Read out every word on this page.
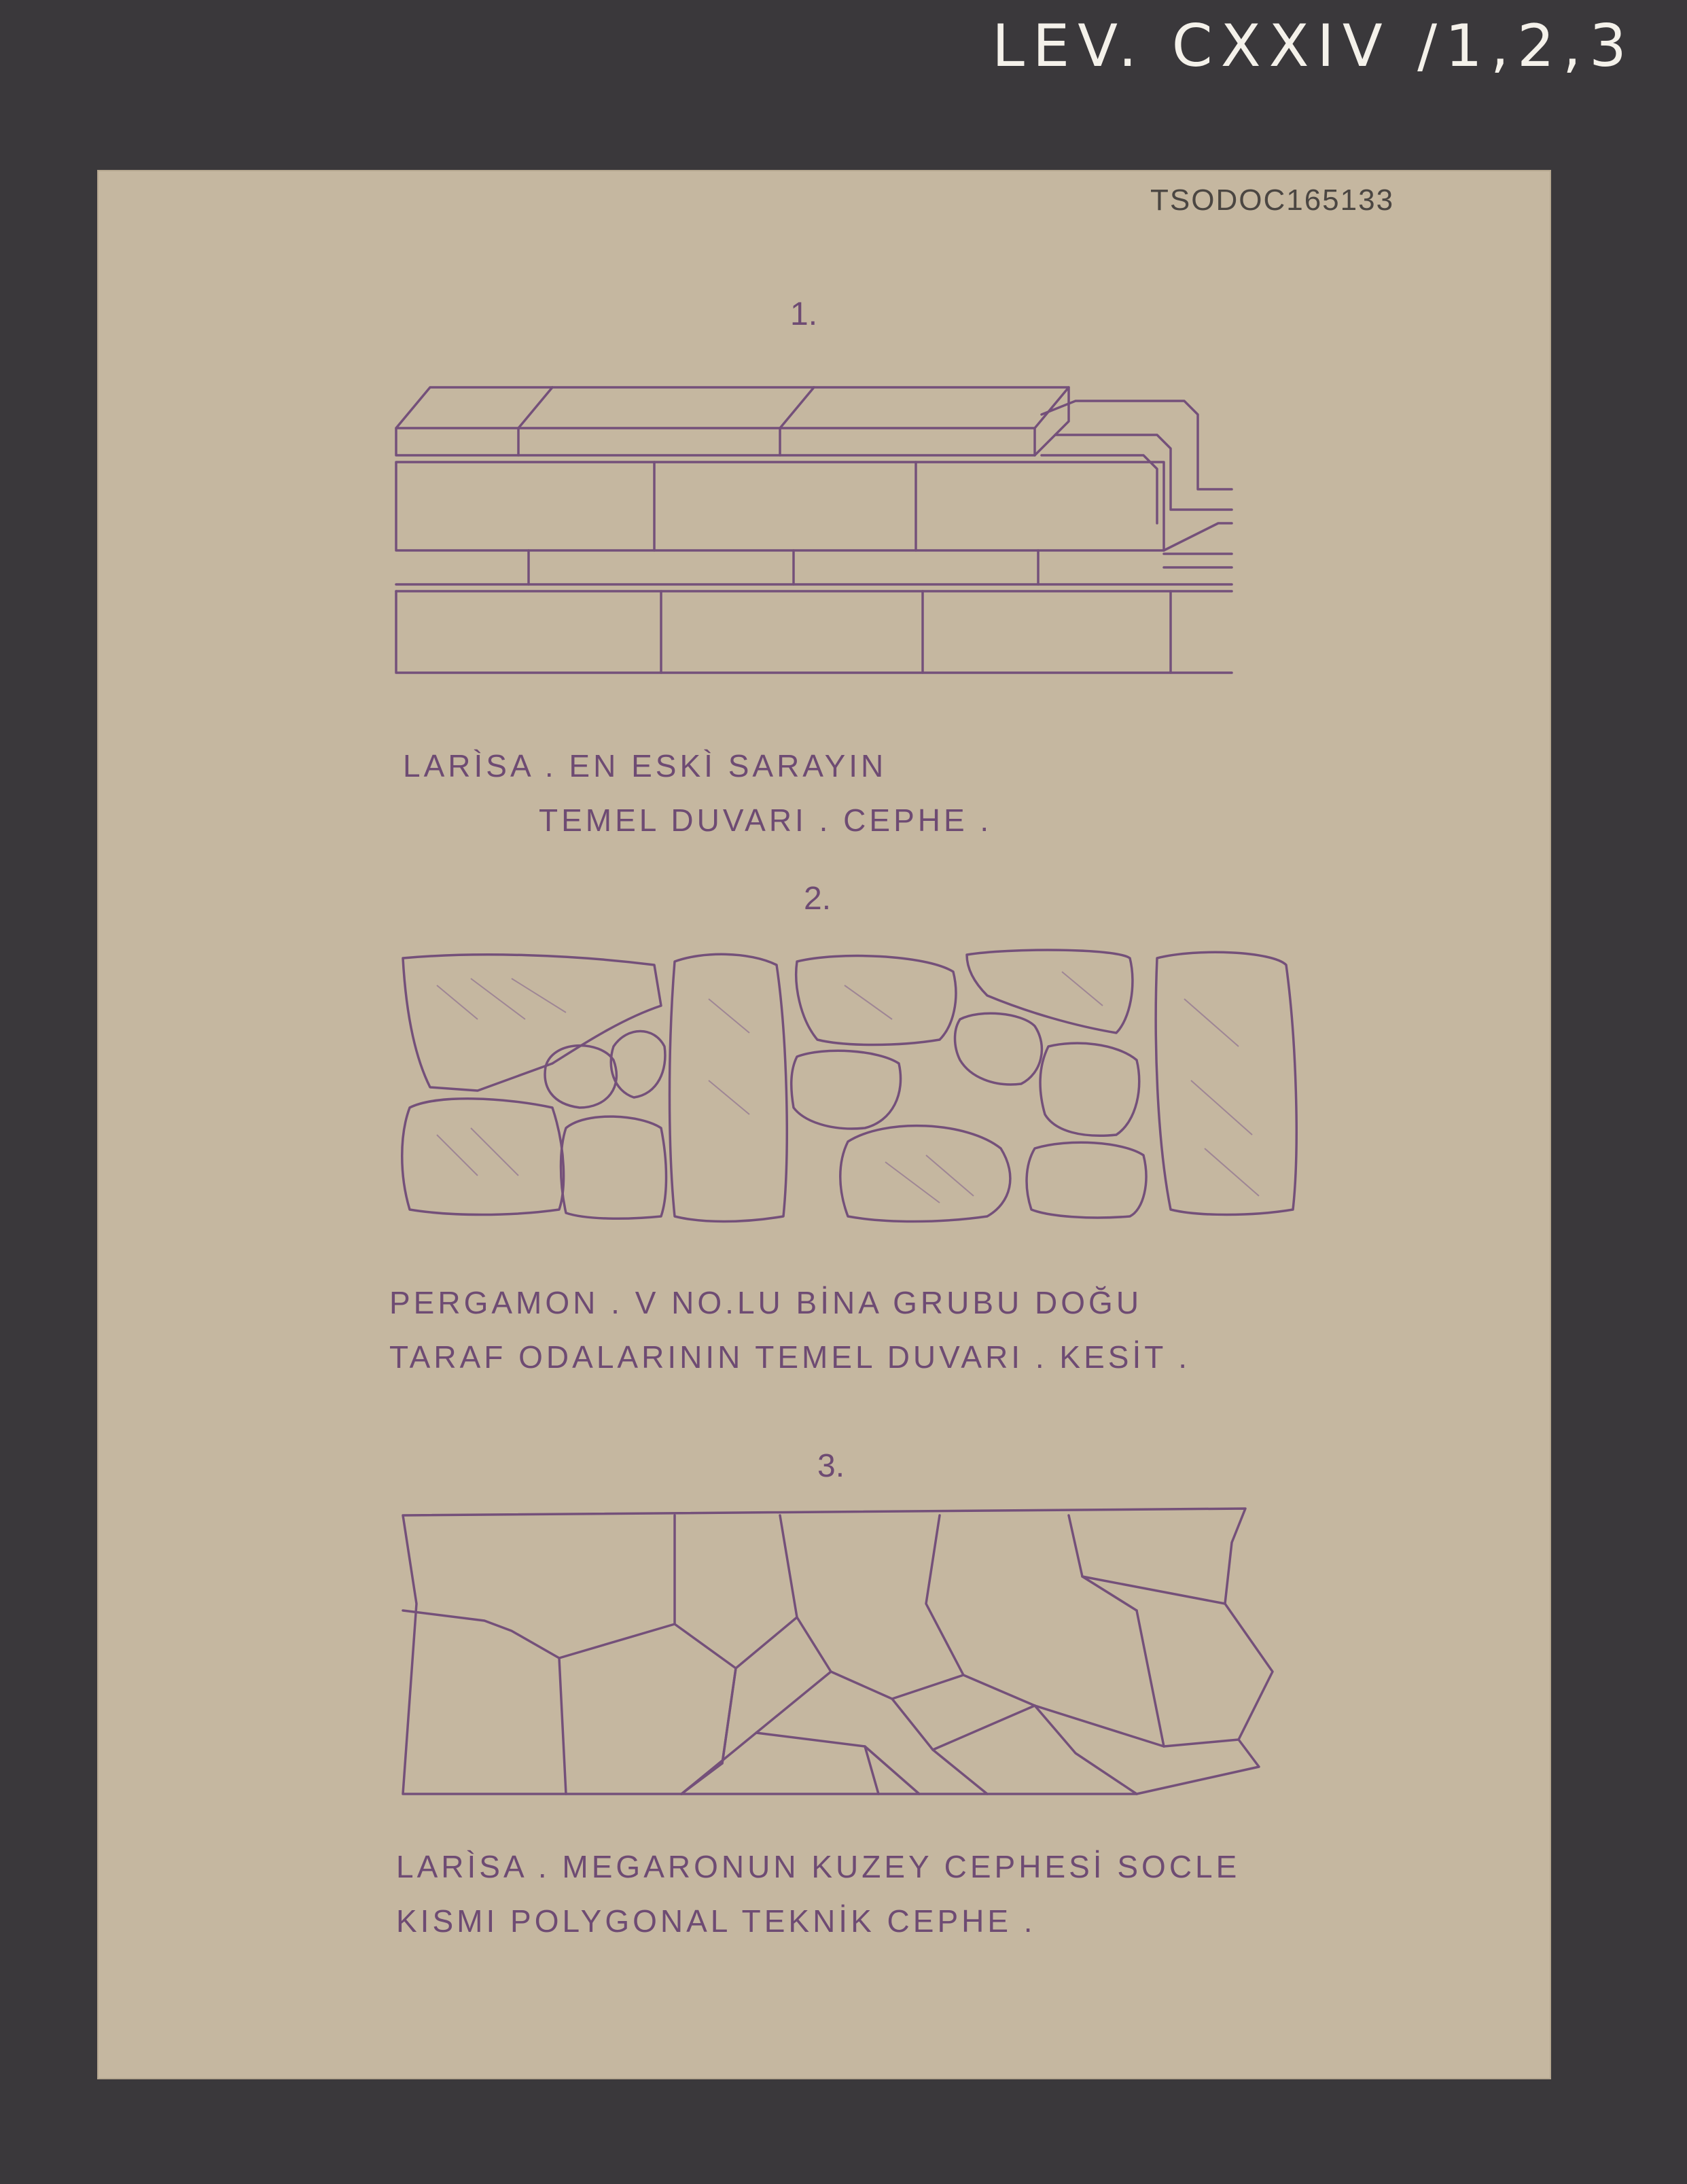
LEV. CXXIV /1,2,3
TSODOC165133
1.
LARÌSA . EN ESKÌ SARAYIN
TEMEL DUVARI . CEPHE .
2.
PERGAMON . V NO.LU BİNA GRUBU DOĞU
TARAF ODALARININ TEMEL DUVARI . KESİT .
3.
LARÌSA . MEGARONUN KUZEY CEPHESİ SOCLE
KISMI POLYGONAL TEKNİK CEPHE .
